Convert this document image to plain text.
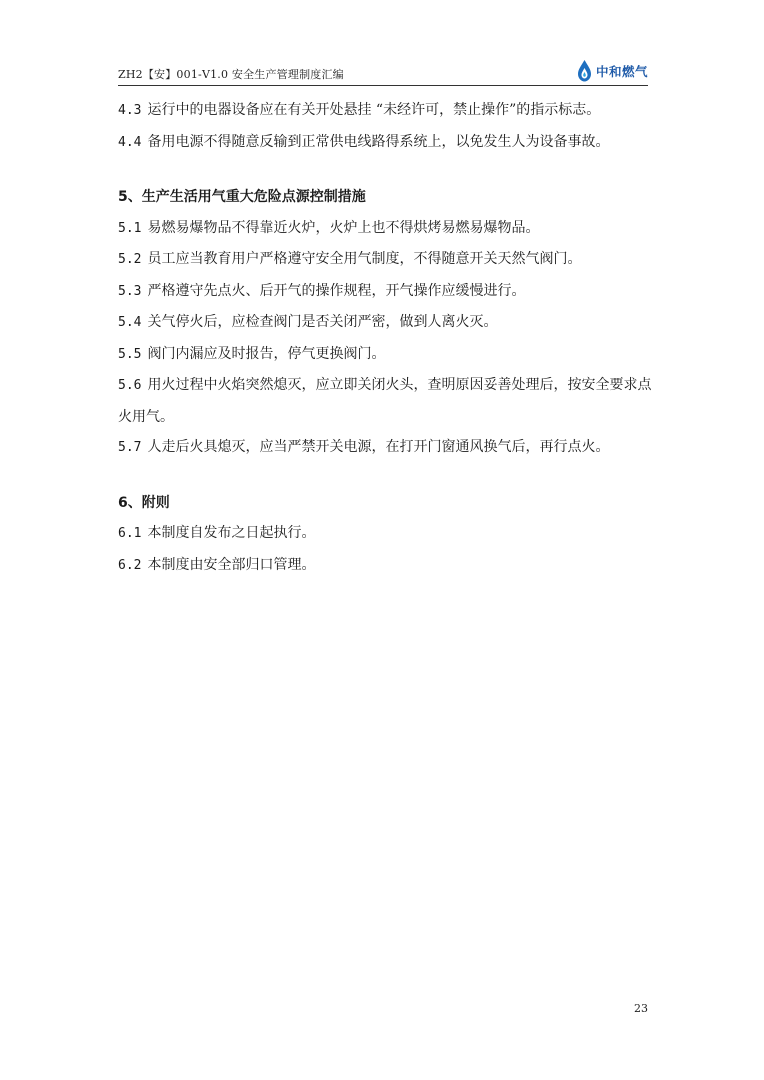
ZH2【安】001-V1.0 安全生产管理制度汇编	中和燃气

4.3 运行中的电器设备应在有关开处悬挂 “未经许可，禁止操作”的指示标志。

4.4 备用电源不得随意反输到正常供电线路得系统上，以免发生人为设备事故。

5、生产生活用气重大危险点源控制措施

5.1 易燃易爆物品不得靠近火炉，火炉上也不得烘烤易燃易爆物品。

5.2 员工应当教育用户严格遵守安全用气制度，不得随意开关天然气阀门。

5.3 严格遵守先点火、后开气的操作规程，开气操作应缓慢进行。

5.4 关气停火后，应检查阀门是否关闭严密，做到人离火灭。

5.5 阀门内漏应及时报告，停气更换阀门。

5.6 用火过程中火焰突然熄灭，应立即关闭火头，查明原因妥善处理后，按安全要求点火用气。

5.7 人走后火具熄灭，应当严禁开关电源，在打开门窗通风换气后，再行点火。

6、附则

6.1 本制度自发布之日起执行。

6.2 本制度由安全部归口管理。

23
